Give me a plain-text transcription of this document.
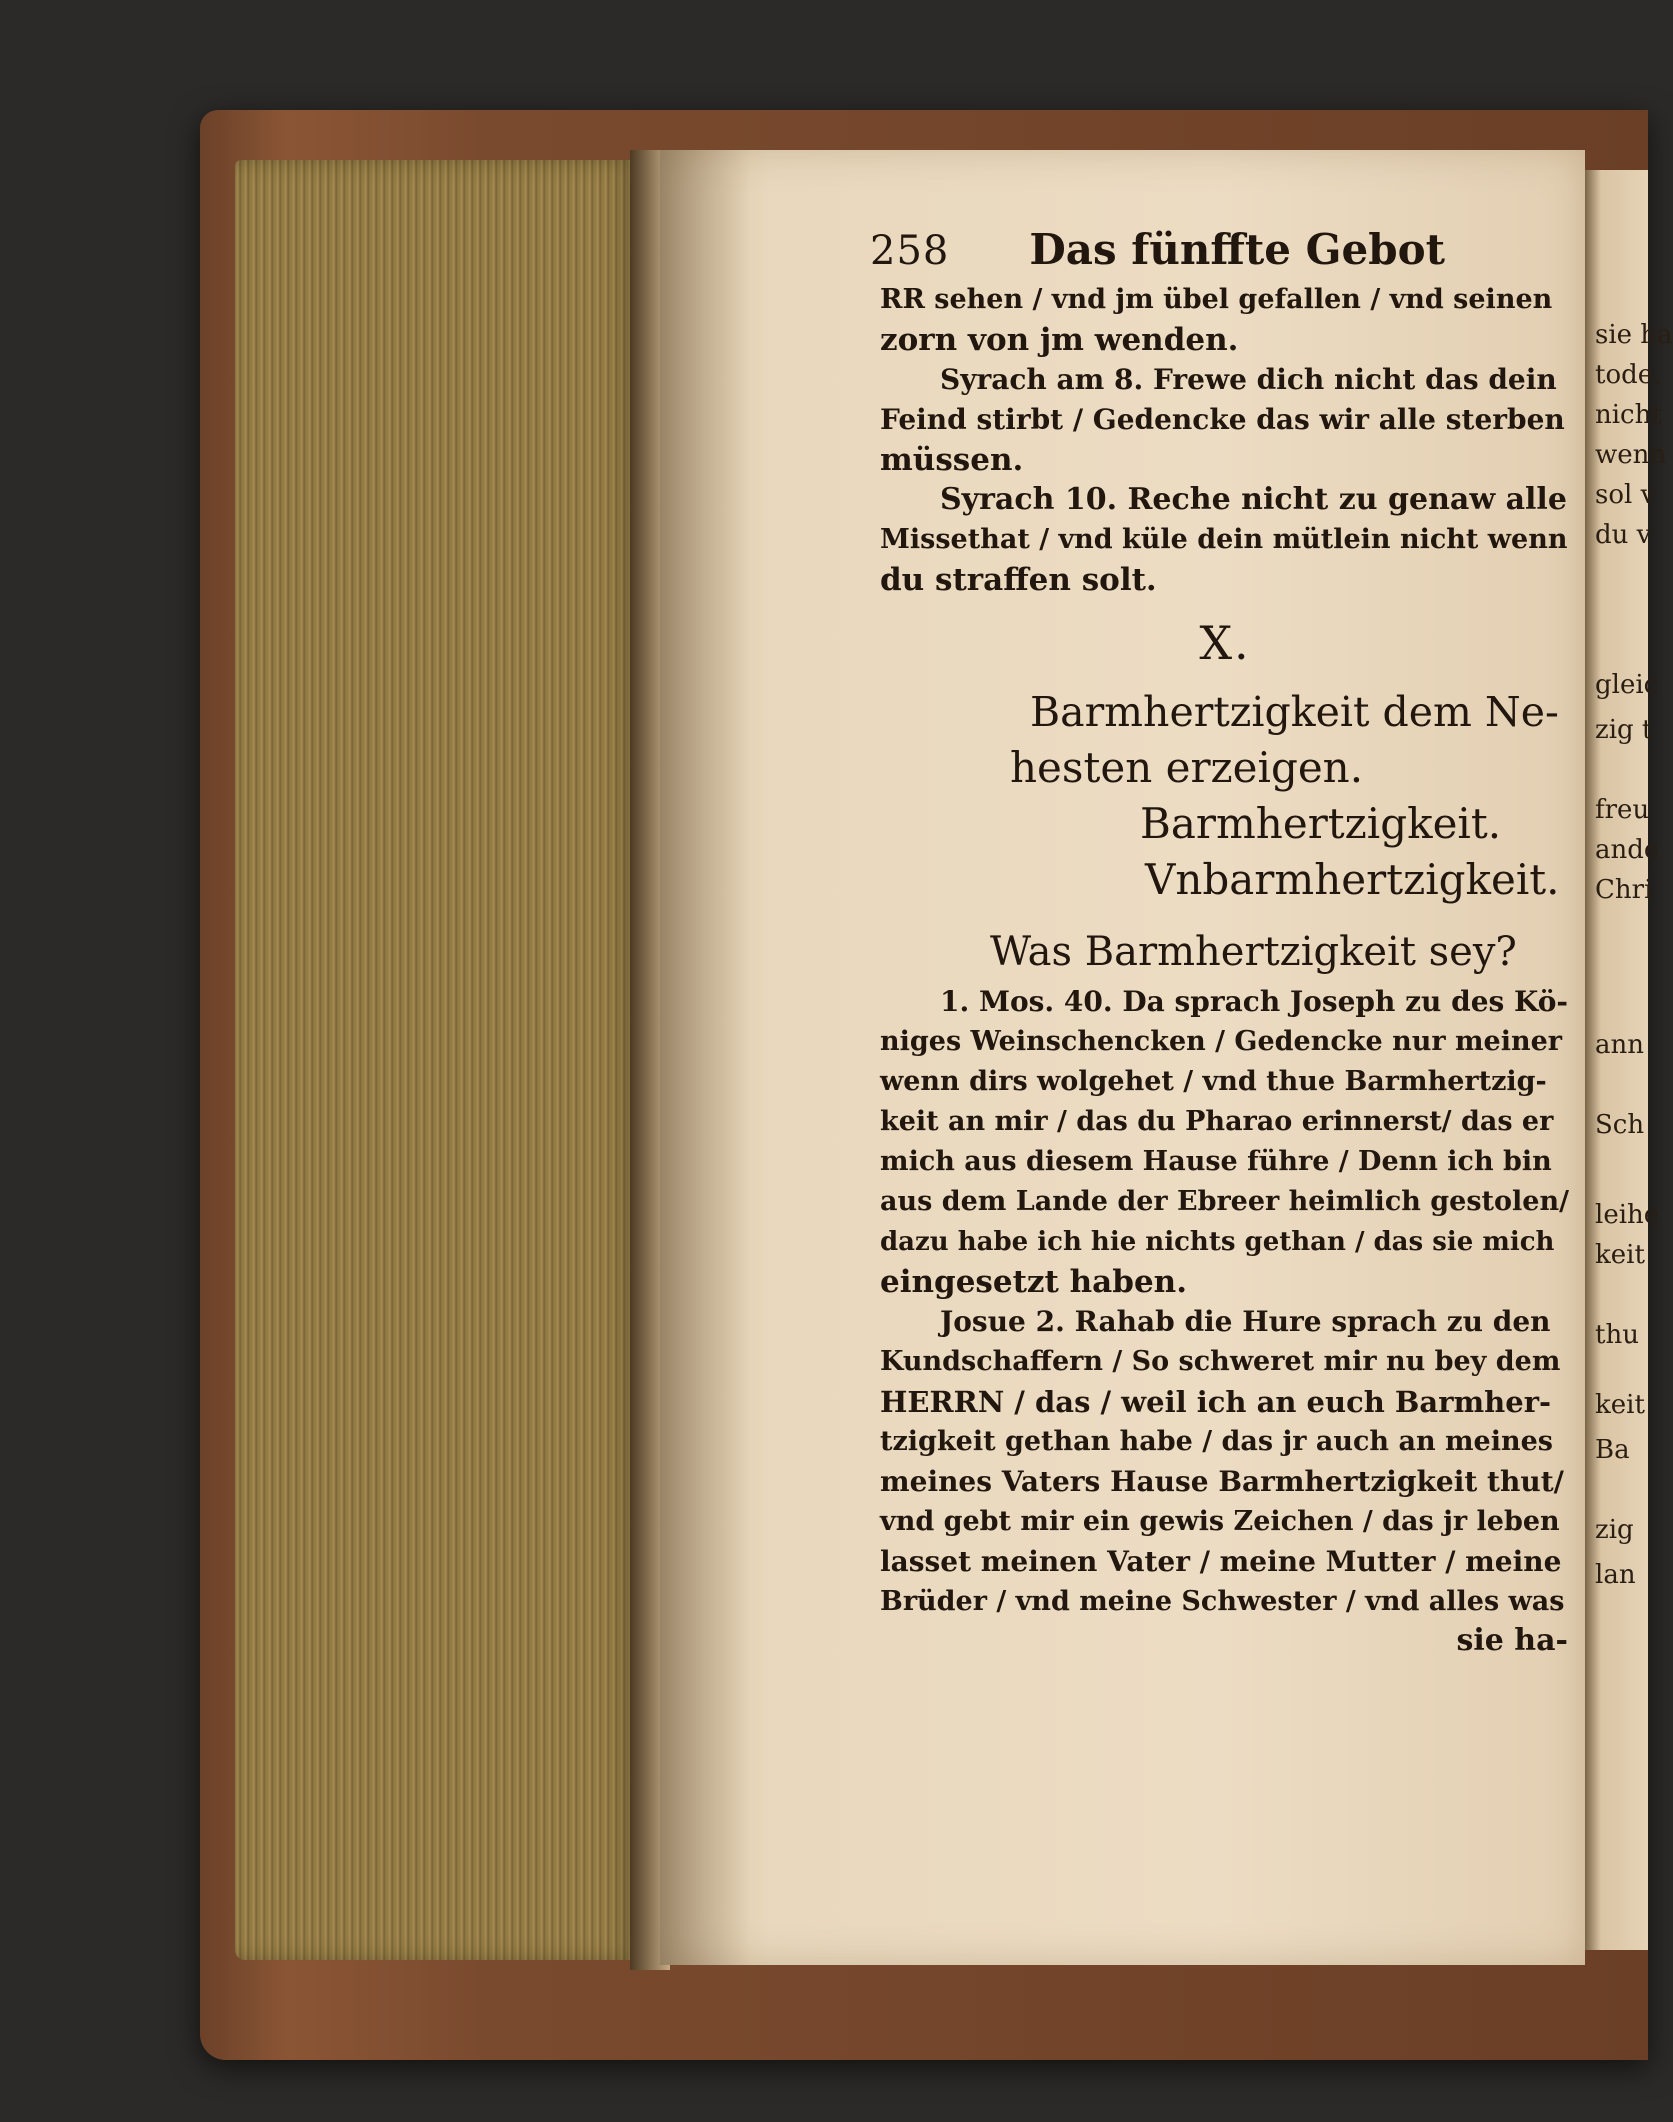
sie ha
tode.
nicht
wenn
sol v
du v
gleic
zig t
freu
ande
Chri
ann
Sch
leihe
keit
thu
keit
Ba
zig
lan
258 Das fünffte Gebot
RR sehen / vnd jm übel gefallen / vnd seinen
zorn von jm wenden.
Syrach am 8. Frewe dich nicht das dein
Feind stirbt / Gedencke das wir alle sterben
müssen.
Syrach 10. Reche nicht zu genaw alle
Missethat / vnd küle dein mütlein nicht wenn
du straffen solt.
X.
Barmhertzigkeit dem Ne-
hesten erzeigen.
Barmhertzigkeit.
Vnbarmhertzigkeit.
Was Barmhertzigkeit sey?
1. Mos. 40. Da sprach Joseph zu des Kö-
niges Weinschencken / Gedencke nur meiner
wenn dirs wolgehet / vnd thue Barmhertzig-
keit an mir / das du Pharao erinnerst/ das er
mich aus diesem Hause führe / Denn ich bin
aus dem Lande der Ebreer heimlich gestolen/
dazu habe ich hie nichts gethan / das sie mich
eingesetzt haben.
Josue 2. Rahab die Hure sprach zu den
Kundschaffern / So schweret mir nu bey dem
HERRN / das / weil ich an euch Barmher-
tzigkeit gethan habe / das jr auch an meines
meines Vaters Hause Barmhertzigkeit thut/
vnd gebt mir ein gewis Zeichen / das jr leben
lasset meinen Vater / meine Mutter / meine
Brüder / vnd meine Schwester / vnd alles was
sie ha-
